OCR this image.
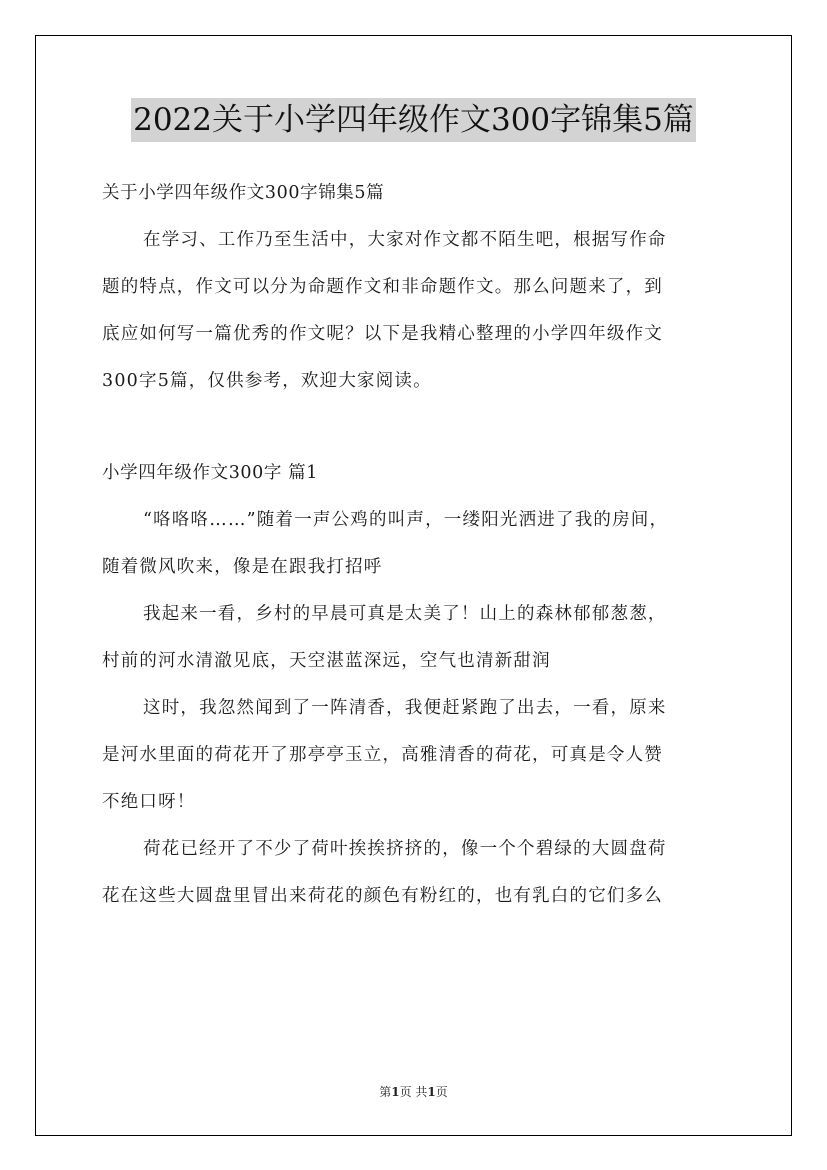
2022关于小学四年级作文300字锦集5篇
关于小学四年级作文300字锦集5篇
在学习、工作乃至生活中，大家对作文都不陌生吧，根据写作命
题的特点，作文可以分为命题作文和非命题作文。那么问题来了，到
底应如何写一篇优秀的作文呢？以下是我精心整理的小学四年级作文
300字5篇，仅供参考，欢迎大家阅读。
小学四年级作文300字 篇1
“咯咯咯……”随着一声公鸡的叫声，一缕阳光洒进了我的房间，
随着微风吹来，像是在跟我打招呼
我起来一看，乡村的早晨可真是太美了！山上的森林郁郁葱葱，
村前的河水清澈见底，天空湛蓝深远，空气也清新甜润
这时，我忽然闻到了一阵清香，我便赶紧跑了出去，一看，原来
是河水里面的荷花开了那亭亭玉立，高雅清香的荷花，可真是令人赞
不绝口呀！
荷花已经开了不少了荷叶挨挨挤挤的，像一个个碧绿的大圆盘荷
花在这些大圆盘里冒出来荷花的颜色有粉红的，也有乳白的它们多么
第1页 共1页
